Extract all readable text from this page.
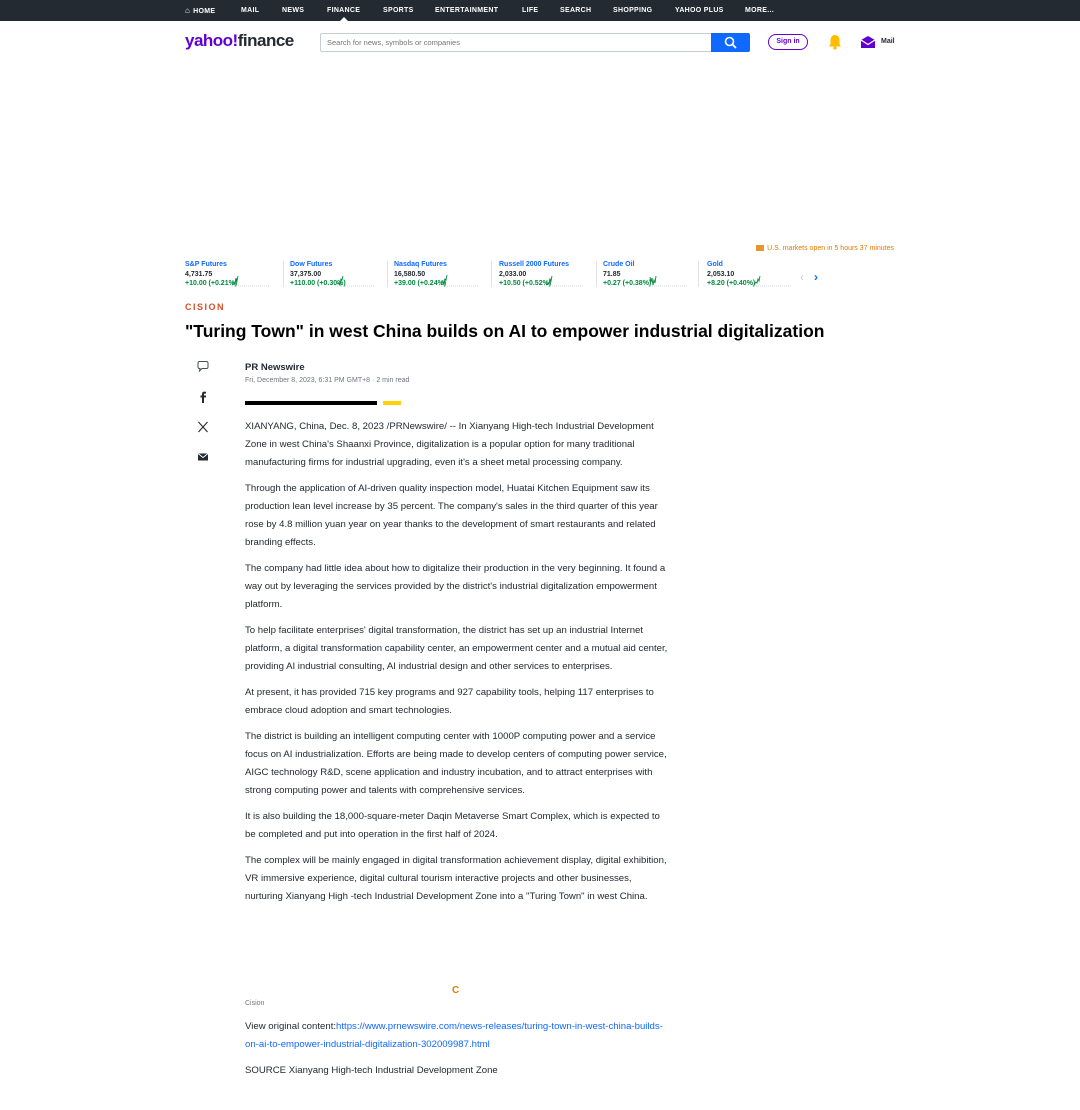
⌂ HOME	MAIL	NEWS	FINANCE	SPORTS	ENTERTAINMENT	LIFE	SEARCH	SHOPPING	YAHOO PLUS	MORE...
yahoo!finance
Search for news, symbols or companies	Sign in	Mail
U.S. markets open in 5 hours 37 minutes
S&P Futures
4,731.75
+10.00 (+0.21%)
Dow Futures
37,375.00
+110.00 (+0.30%)
Nasdaq Futures
16,580.50
+39.00 (+0.24%)
Russell 2000 Futures
2,033.00
+10.50 (+0.52%)
Crude Oil
71.85
+0.27 (+0.38%)
Gold
2,053.10
+8.20 (+0.40%)	‹ ›
CISION
"Turing Town" in west China builds on AI to empower industrial digitalization
PR Newswire
Fri, December 8, 2023, 6:31 PM GMT+8 · 2 min read

XIANYANG, China, Dec. 8, 2023 /PRNewswire/ -- In Xianyang High-tech Industrial Development Zone in west China's Shaanxi Province, digitalization is a popular option for many traditional manufacturing firms for industrial upgrading, even it's a sheet metal processing company.

Through the application of AI-driven quality inspection model, Huatai Kitchen Equipment saw its production lean level increase by 35 percent. The company's sales in the third quarter of this year rose by 4.8 million yuan year on year thanks to the development of smart restaurants and related branding effects.

The company had little idea about how to digitalize their production in the very beginning. It found a way out by leveraging the services provided by the district's industrial digitalization empowerment platform.

To help facilitate enterprises' digital transformation, the district has set up an industrial Internet platform, a digital transformation capability center, an empowerment center and a mutual aid center, providing AI industrial consulting, AI industrial design and other services to enterprises.

At present, it has provided 715 key programs and 927 capability tools, helping 117 enterprises to embrace cloud adoption and smart technologies.

The district is building an intelligent computing center with 1000P computing power and a service focus on AI industrialization. Efforts are being made to develop centers of computing power service, AIGC technology R&D, scene application and industry incubation, and to attract enterprises with strong computing power and talents with comprehensive services.

It is also building the 18,000-square-meter Daqin Metaverse Smart Complex, which is expected to be completed and put into operation in the first half of 2024.

The complex will be mainly engaged in digital transformation achievement display, digital exhibition, VR immersive experience, digital cultural tourism interactive projects and other businesses, nurturing Xianyang High -tech Industrial Development Zone into a "Turing Town" in west China.

C
Cision
View original content:https://www.prnewswire.com/news-releases/turing-town-in-west-china-builds-on-ai-to-empower-industrial-digitalization-302009987.html
SOURCE Xianyang High-tech Industrial Development Zone
